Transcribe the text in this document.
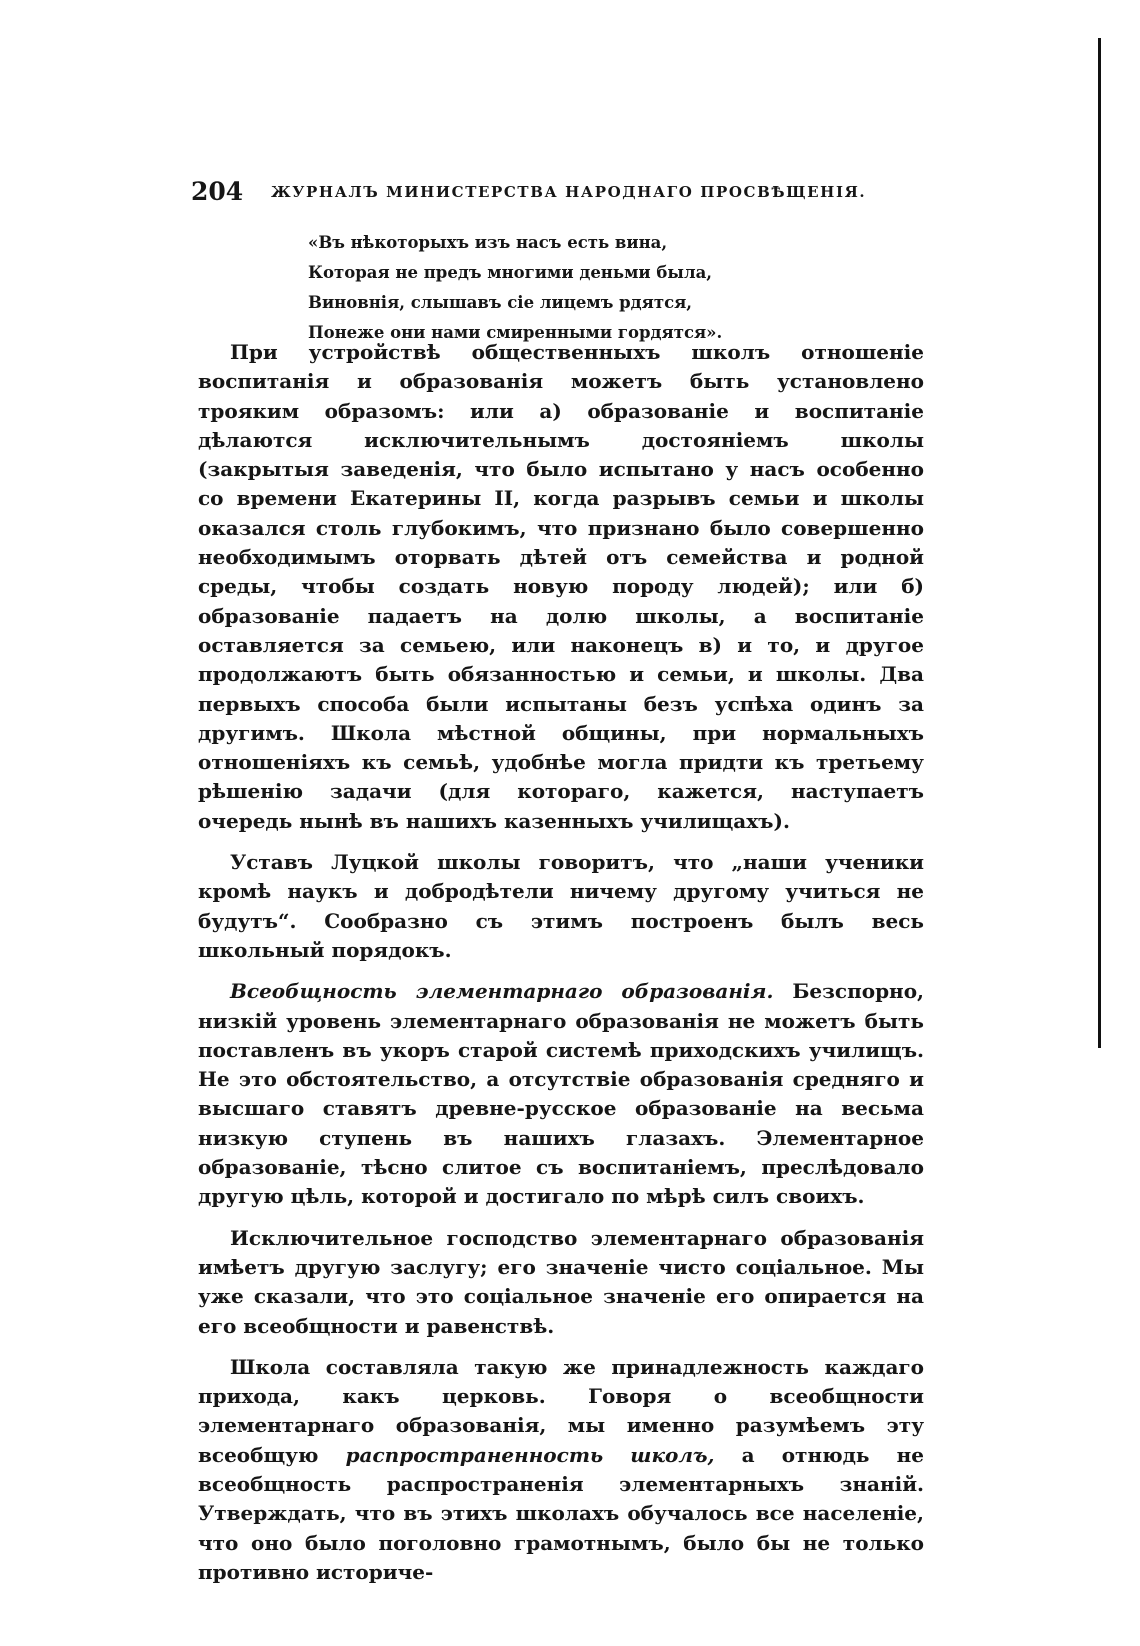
204 ЖУРНАЛЪ МИНИСТЕРСТВА НАРОДНАГО ПРОСВѢЩЕНІЯ.
«Въ нѣкоторыхъ изъ насъ есть вина,
Которая не предъ многими деньми была,
Виновнія, слышавъ сіе лицемъ рдятся,
Понеже они нами смиренными гордятся».

При устройствѣ общественныхъ школъ отношеніе воспитанія и образованія можетъ быть установлено трояким образомъ: или а) образованіе и воспитаніе дѣлаются исключительнымъ достояніемъ школы (закрытыя заведенія, что было испытано у насъ особенно со времени Екатерины II, когда разрывъ семьи и школы оказался столь глубокимъ, что признано было совершенно необходимымъ оторвать дѣтей отъ семейства и родной среды, чтобы создать новую породу людей); или б) образованіе падаетъ на долю школы, а воспитаніе оставляется за семьею, или наконецъ в) и то, и другое продолжаютъ быть обязанностью и семьи, и школы. Два первыхъ способа были испытаны безъ успѣха одинъ за другимъ. Школа мѣстной общины, при нормальныхъ отношеніяхъ къ семьѣ, удобнѣе могла придти къ третьему рѣшенію задачи (для котораго, кажется, наступаетъ очередь нынѣ въ нашихъ казенныхъ училищахъ).

Уставъ Луцкой школы говоритъ, что „наши ученики кромѣ наукъ и добродѣтели ничему другому учиться не будутъ“. Сообразно съ этимъ построенъ былъ весь школьный порядокъ.

Всеобщность элементарнаго образованія. Безспорно, низкій уровень элементарнаго образованія не можетъ быть поставленъ въ укоръ старой системѣ приходскихъ училищъ. Не это обстоятельство, а отсутствіе образованія средняго и высшаго ставятъ древне-русское образованіе на весьма низкую ступень въ нашихъ глазахъ. Элементарное образованіе, тѣсно слитое съ воспитаніемъ, преслѣдовало другую цѣль, которой и достигало по мѣрѣ силъ своихъ.

Исключительное господство элементарнаго образованія имѣетъ другую заслугу; его значеніе чисто соціальное. Мы уже сказали, что это соціальное значеніе его опирается на его всеобщности и равенствѣ.

Школа составляла такую же принадлежность каждаго прихода, какъ церковь. Говоря о всеобщности элементарнаго образованія, мы именно разумѣемъ эту всеобщую распространенность школъ, а отнюдь не всеобщность распространенія элементарныхъ знаній. Утверждать, что въ этихъ школахъ обучалось все населеніе, что оно было поголовно грамотнымъ, было бы не только противно историче-
